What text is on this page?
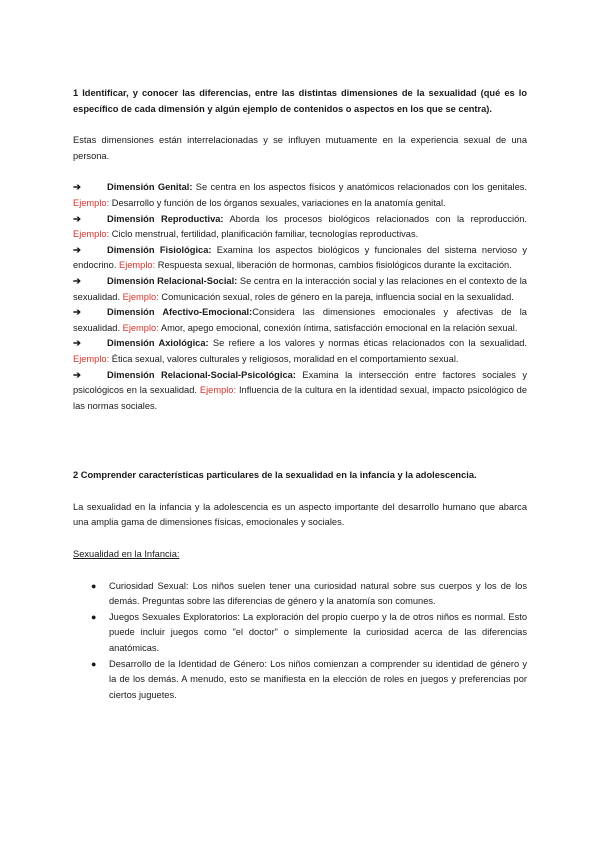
1 Identificar, y conocer las diferencias, entre las distintas dimensiones de la sexualidad (qué es lo específico de cada dimensión y algún ejemplo de contenidos o aspectos en los que se centra).

Estas dimensiones están interrelacionadas y se influyen mutuamente en la experiencia sexual de una persona.

➔	Dimensión Genital: Se centra en los aspectos físicos y anatómicos relacionados con los genitales. Ejemplo: Desarrollo y función de los órganos sexuales, variaciones en la anatomía genital.

➔	Dimensión Reproductiva: Aborda los procesos biológicos relacionados con la reproducción. Ejemplo: Ciclo menstrual, fertilidad, planificación familiar, tecnologías reproductivas.

➔	Dimensión Fisiológica: Examina los aspectos biológicos y funcionales del sistema nervioso y endocrino. Ejemplo: Respuesta sexual, liberación de hormonas, cambios fisiológicos durante la excitación.

➔	Dimensión Relacional-Social: Se centra en la interacción social y las relaciones en el contexto de la sexualidad. Ejemplo: Comunicación sexual, roles de género en la pareja, influencia social en la sexualidad.

➔	Dimensión Afectivo-Emocional:Considera las dimensiones emocionales y afectivas de la sexualidad. Ejemplo: Amor, apego emocional, conexión íntima, satisfacción emocional en la relación sexual.

➔	Dimensión Axiológica: Se refiere a los valores y normas éticas relacionados con la sexualidad. Ejemplo: Ética sexual, valores culturales y religiosos, moralidad en el comportamiento sexual.

➔	Dimensión Relacional-Social-Psicológica: Examina la intersección entre factores sociales y psicológicos en la sexualidad. Ejemplo: Influencia de la cultura en la identidad sexual, impacto psicológico de las normas sociales.

2 Comprender características particulares de la sexualidad en la infancia y la adolescencia.

La sexualidad en la infancia y la adolescencia es un aspecto importante del desarrollo humano que abarca una amplia gama de dimensiones físicas, emocionales y sociales.

Sexualidad en la Infancia:

● Curiosidad Sexual: Los niños suelen tener una curiosidad natural sobre sus cuerpos y los de los demás. Preguntas sobre las diferencias de género y la anatomía son comunes.
● Juegos Sexuales Exploratorios: La exploración del propio cuerpo y la de otros niños es normal. Esto puede incluir juegos como "el doctor" o simplemente la curiosidad acerca de las diferencias anatómicas.
● Desarrollo de la Identidad de Género: Los niños comienzan a comprender su identidad de género y la de los demás. A menudo, esto se manifiesta en la elección de roles en juegos y preferencias por ciertos juguetes.
